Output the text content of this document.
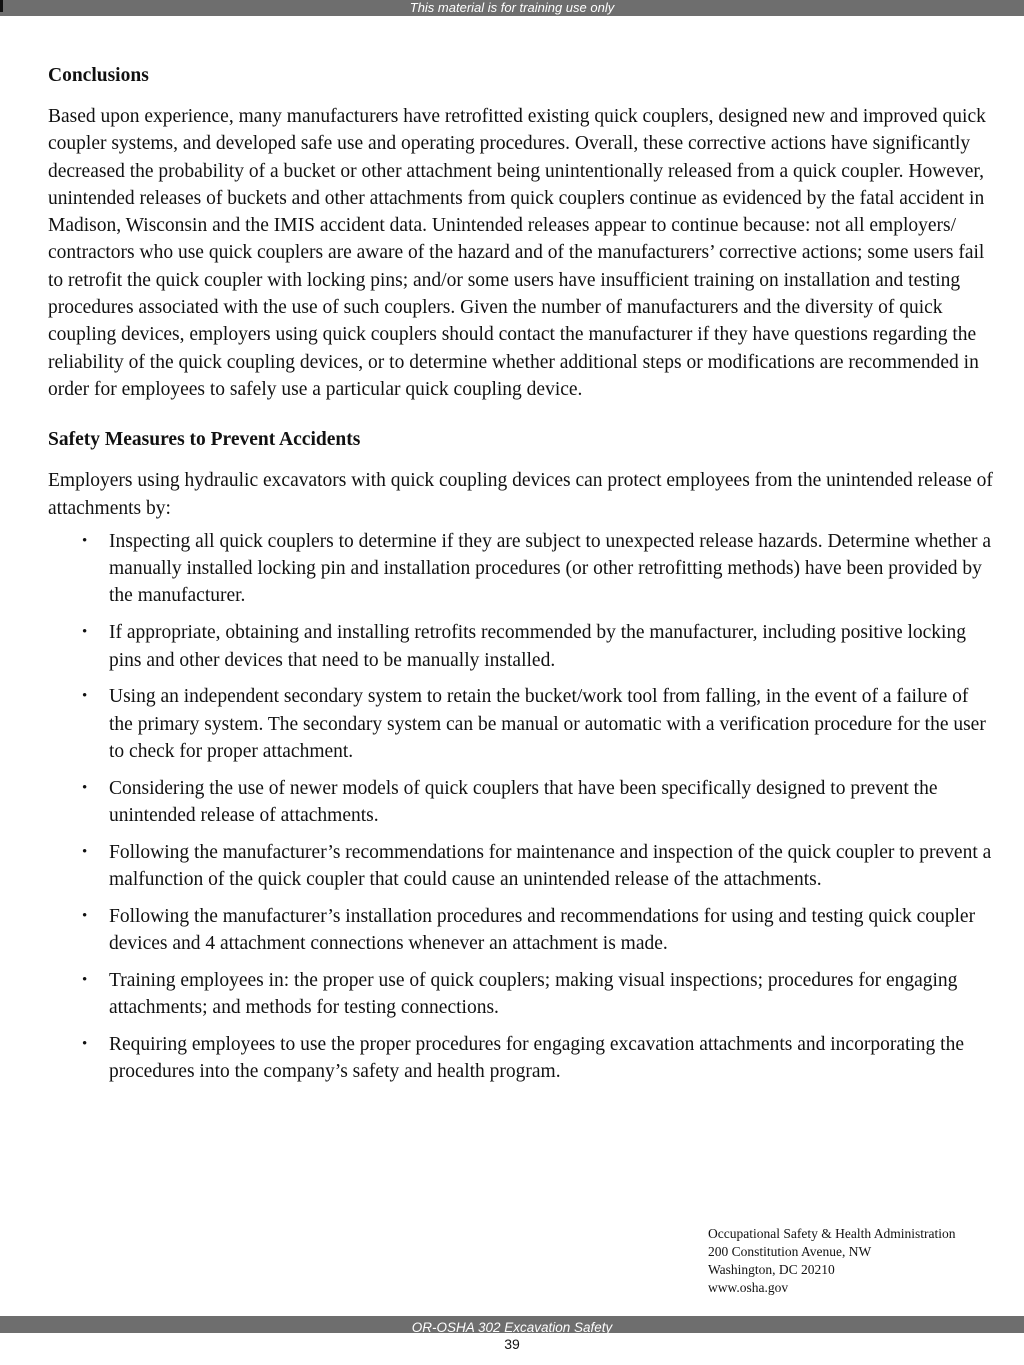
This material is for training use only
Conclusions

Based upon experience, many manufacturers have retrofitted existing quick couplers, designed new and improved quick coupler systems, and developed safe use and operating procedures. Overall, these corrective actions have significantly decreased the probability of a bucket or other attachment being unintentionally released from a quick coupler. However, unintended releases of buckets and other attachments from quick couplers continue as evidenced by the fatal accident in Madison, Wisconsin and the IMIS accident data. Unintended releases appear to continue because: not all employers/ contractors who use quick couplers are aware of the hazard and of the manufacturers’ corrective actions; some users fail to retrofit the quick coupler with locking pins; and/or some users have insufficient training on installation and testing procedures associated with the use of such couplers. Given the number of manufacturers and the diversity of quick coupling devices, employers using quick couplers should contact the manufacturer if they have questions regarding the reliability of the quick coupling devices, or to determine whether additional steps or modifications are recommended in order for employees to safely use a particular quick coupling device.

Safety Measures to Prevent Accidents

Employers using hydraulic excavators with quick coupling devices can protect employees from the unintended release of attachments by:

• Inspecting all quick couplers to determine if they are subject to unexpected release hazards. Determine whether a manually installed locking pin and installation procedures (or other retrofitting methods) have been provided by the manufacturer.
• If appropriate, obtaining and installing retrofits recommended by the manufacturer, including positive locking pins and other devices that need to be manually installed.
• Using an independent secondary system to retain the bucket/work tool from falling, in the event of a failure of the primary system. The secondary system can be manual or automatic with a verification procedure for the user to check for proper attachment.
• Considering the use of newer models of quick couplers that have been specifically designed to prevent the unintended release of attachments.
• Following the manufacturer’s recommendations for maintenance and inspection of the quick coupler to prevent a malfunction of the quick coupler that could cause an unintended release of the attachments.
• Following the manufacturer’s installation procedures and recommendations for using and testing quick coupler devices and 4 attachment connections whenever an attachment is made.
• Training employees in: the proper use of quick couplers; making visual inspections; procedures for engaging attachments; and methods for testing connections.
• Requiring employees to use the proper procedures for engaging excavation attachments and incorporating the procedures into the company’s safety and health program.
Occupational Safety & Health Administration
200 Constitution Avenue, NW
Washington, DC 20210
www.osha.gov
OR-OSHA 302 Excavation Safety
39
